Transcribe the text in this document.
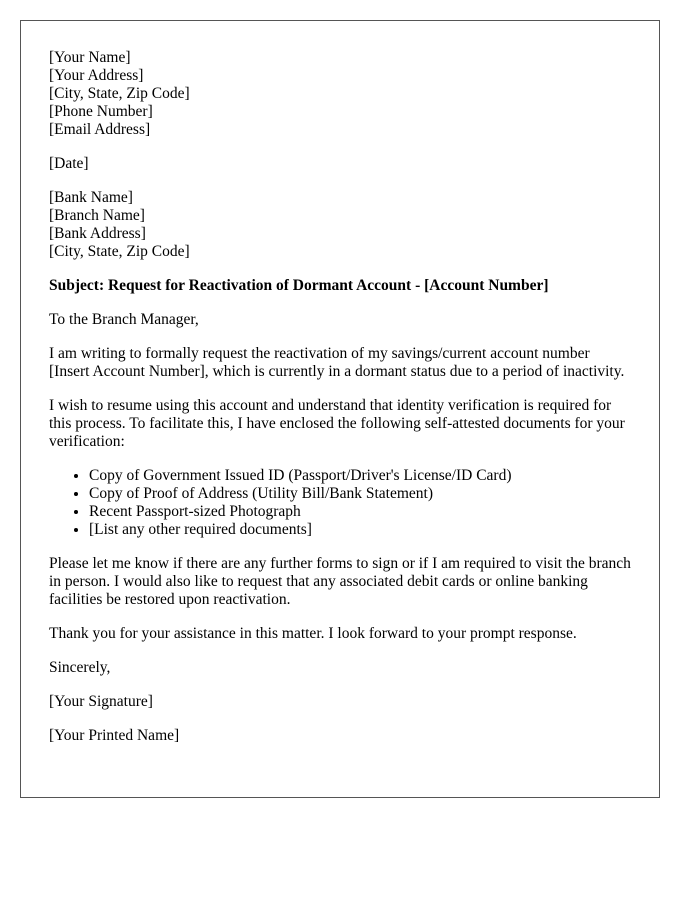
[Your Name]
[Your Address]
[City, State, Zip Code]
[Phone Number]
[Email Address]
[Date]
[Bank Name]
[Branch Name]
[Bank Address]
[City, State, Zip Code]

Subject: Request for Reactivation of Dormant Account - [Account Number]

To the Branch Manager,

I am writing to formally request the reactivation of my savings/current account number [Insert Account Number], which is currently in a dormant status due to a period of inactivity.

I wish to resume using this account and understand that identity verification is required for this process. To facilitate this, I have enclosed the following self-attested documents for your verification:

• Copy of Government Issued ID (Passport/Driver's License/ID Card)
• Copy of Proof of Address (Utility Bill/Bank Statement)
• Recent Passport-sized Photograph
• [List any other required documents]

Please let me know if there are any further forms to sign or if I am required to visit the branch in person. I would also like to request that any associated debit cards or online banking facilities be restored upon reactivation.

Thank you for your assistance in this matter. I look forward to your prompt response.

Sincerely,

[Your Signature]

[Your Printed Name]
